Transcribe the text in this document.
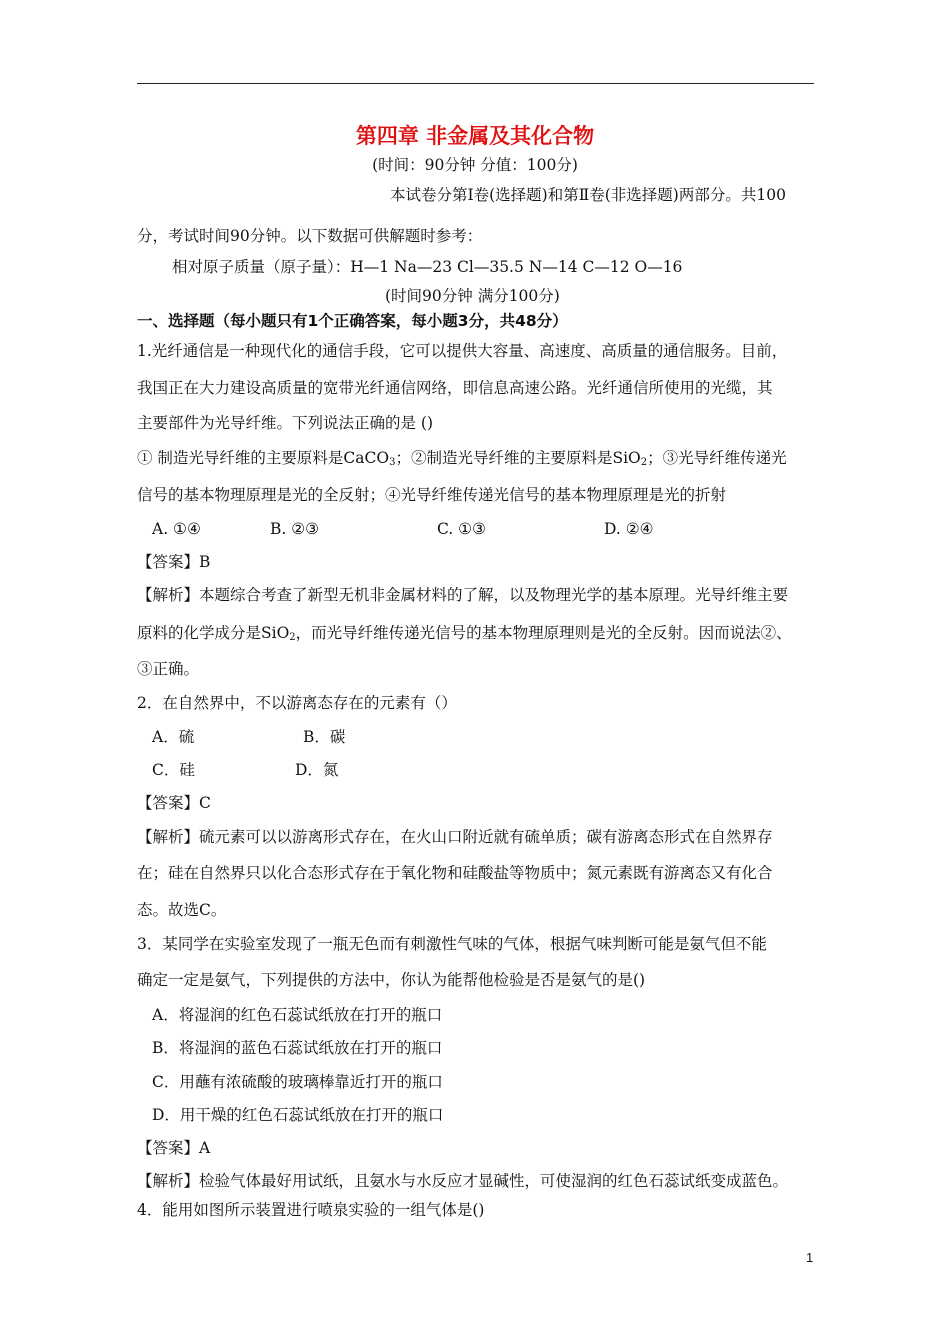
第四章 非金属及其化合物
(时间：90分钟 分值：100分)
本试卷分第Ⅰ卷(选择题)和第Ⅱ卷(非选择题)两部分。共100
分，考试时间90分钟。以下数据可供解题时参考：
相对原子质量（原子量）：H—1 Na—23 Cl—35.5 N—14 C—12 O—16
(时间90分钟 满分100分)
一、选择题（每小题只有1个正确答案，每小题3分，共48分）
1.光纤通信是一种现代化的通信手段，它可以提供大容量、高速度、高质量的通信服务。目前，
我国正在大力建设高质量的宽带光纤通信网络，即信息高速公路。光纤通信所使用的光缆，其
主要部件为光导纤维。下列说法正确的是 ()
① 制造光导纤维的主要原料是CaCO$_3$；②制造光导纤维的主要原料是SiO$_2$；③光导纤维传递光
信号的基本物理原理是光的全反射；④光导纤维传递光信号的基本物理原理是光的折射
A. ①④	B. ②③	C. ①③	D. ②④
【答案】B
【解析】本题综合考查了新型无机非金属材料的了解，以及物理光学的基本原理。光导纤维主要
原料的化学成分是SiO$_2$，而光导纤维传递光信号的基本物理原理则是光的全反射。因而说法②、
③正确。
2．在自然界中，不以游离态存在的元素有（）
A．硫	B．碳
C．硅	D．氮
【答案】C
【解析】硫元素可以以游离形式存在，在火山口附近就有硫单质；碳有游离态形式在自然界存
在；硅在自然界只以化合态形式存在于氧化物和硅酸盐等物质中；氮元素既有游离态又有化合
态。故选C。
3．某同学在实验室发现了一瓶无色而有刺激性气味的气体，根据气味判断可能是氨气但不能
确定一定是氨气，下列提供的方法中，你认为能帮他检验是否是氨气的是()
A．将湿润的红色石蕊试纸放在打开的瓶口
B．将湿润的蓝色石蕊试纸放在打开的瓶口
C．用蘸有浓硫酸的玻璃棒靠近打开的瓶口
D．用干燥的红色石蕊试纸放在打开的瓶口
【答案】A
【解析】检验气体最好用试纸，且氨水与水反应才显碱性，可使湿润的红色石蕊试纸变成蓝色。
4．能用如图所示装置进行喷泉实验的一组气体是()
1
